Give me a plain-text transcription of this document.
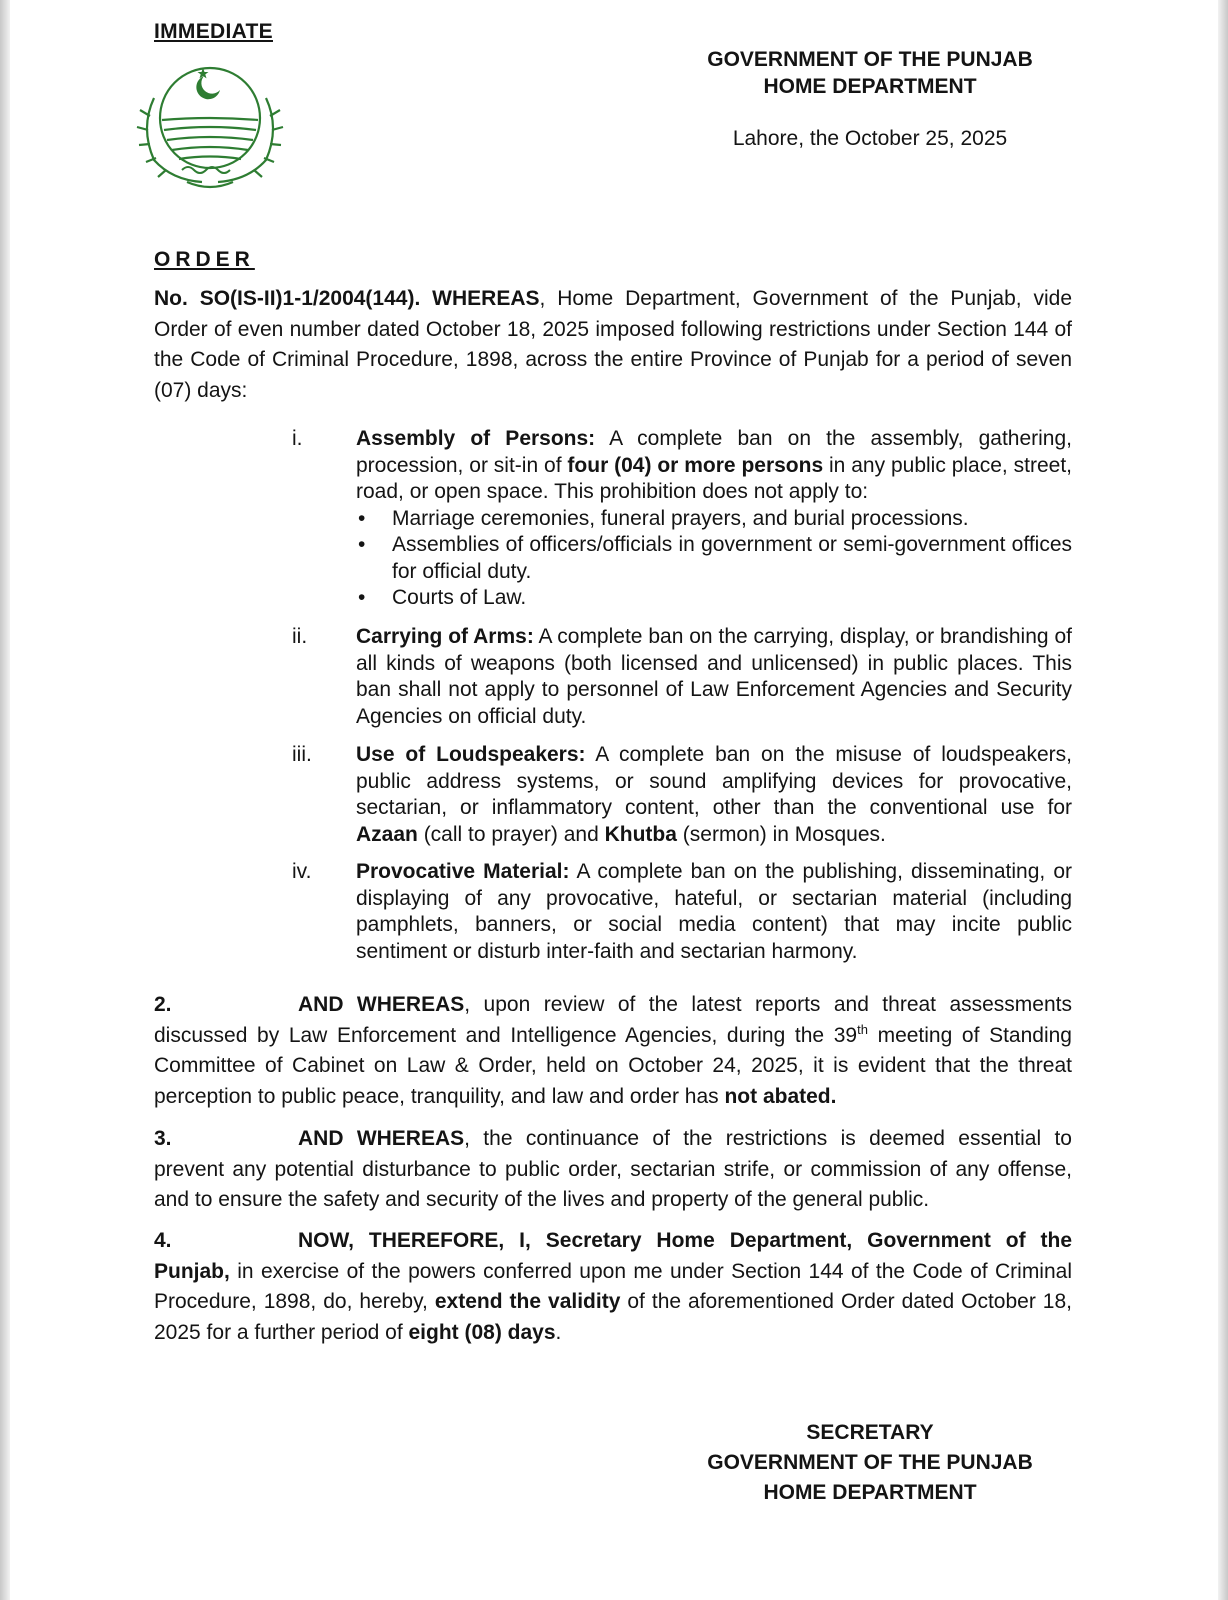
IMMEDIATE
GOVERNMENT OF THE PUNJAB
HOME DEPARTMENT
Lahore, the October 25, 2025
ORDER
No. SO(IS-II)1-1/2004(144). WHEREAS, Home Department, Government of the Punjab, vide Order of even number dated October 18, 2025 imposed following restrictions under Section 144 of the Code of Criminal Procedure, 1898, across the entire Province of Punjab for a period of seven (07) days:
i.	Assembly of Persons: A complete ban on the assembly, gathering, procession, or sit-in of four (04) or more persons in any public place, street, road, or open space. This prohibition does not apply to:
• Marriage ceremonies, funeral prayers, and burial processions.
• Assemblies of officers/officials in government or semi-government offices for official duty.
• Courts of Law.
ii.	Carrying of Arms: A complete ban on the carrying, display, or brandishing of all kinds of weapons (both licensed and unlicensed) in public places. This ban shall not apply to personnel of Law Enforcement Agencies and Security Agencies on official duty.
iii.	Use of Loudspeakers: A complete ban on the misuse of loudspeakers, public address systems, or sound amplifying devices for provocative, sectarian, or inflammatory content, other than the conventional use for Azaan (call to prayer) and Khutba (sermon) in Mosques.
iv.	Provocative Material: A complete ban on the publishing, disseminating, or displaying of any provocative, hateful, or sectarian material (including pamphlets, banners, or social media content) that may incite public sentiment or disturb inter-faith and sectarian harmony.
2.	AND WHEREAS, upon review of the latest reports and threat assessments discussed by Law Enforcement and Intelligence Agencies, during the 39th meeting of Standing Committee of Cabinet on Law & Order, held on October 24, 2025, it is evident that the threat perception to public peace, tranquility, and law and order has not abated.
3.	AND WHEREAS, the continuance of the restrictions is deemed essential to prevent any potential disturbance to public order, sectarian strife, or commission of any offense, and to ensure the safety and security of the lives and property of the general public.
4.	NOW, THEREFORE, I, Secretary Home Department, Government of the Punjab, in exercise of the powers conferred upon me under Section 144 of the Code of Criminal Procedure, 1898, do, hereby, extend the validity of the aforementioned Order dated October 18, 2025 for a further period of eight (08) days.
SECRETARY
GOVERNMENT OF THE PUNJAB
HOME DEPARTMENT
